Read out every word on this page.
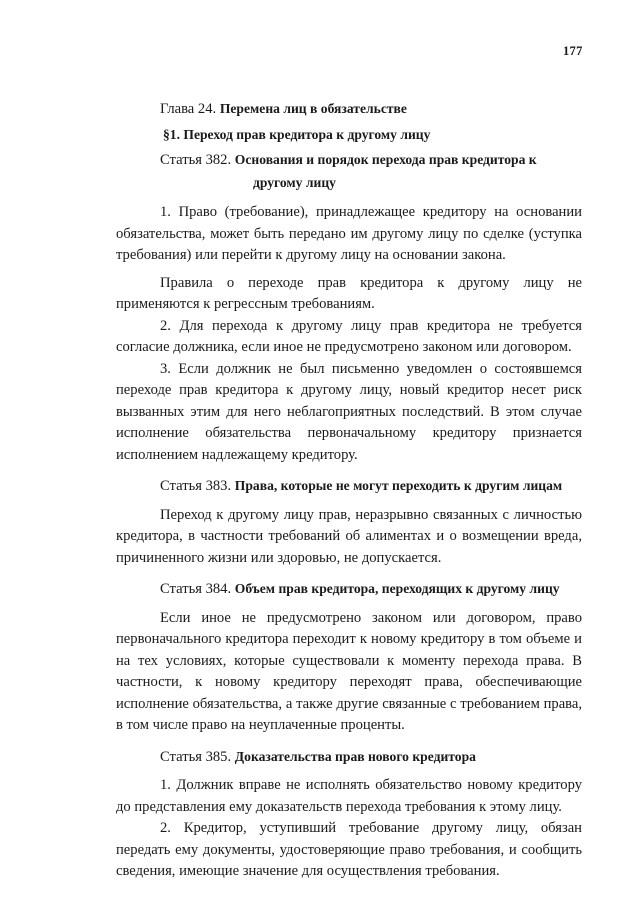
177
Глава 24. Перемена лиц в обязательстве
§1. Переход прав кредитора к другому лицу
Статья 382. Основания и порядок перехода прав кредитора к
другому лицу

1. Право (требование), принадлежащее кредитору на основании обязательства, может быть передано им другому лицу по сделке (уступка требования) или перейти к другому лицу на основании закона.

Правила о переходе прав кредитора к другому лицу не применяются к регрессным требованиям.

2. Для перехода к другому лицу прав кредитора не требуется согласие должника, если иное не предусмотрено законом или договором.

3. Если должник не был письменно уведомлен о состоявшемся переходе прав кредитора к другому лицу, новый кредитор несет риск вызванных этим для него неблагоприятных последствий. В этом случае исполнение обязательства первоначальному кредитору признается исполнением надлежащему кредитору.

Статья 383. Права, которые не могут переходить к другим лицам

Переход к другому лицу прав, неразрывно связанных с личностью кредитора, в частности требований об алиментах и о возмещении вреда, причиненного жизни или здоровью, не допускается.

Статья 384. Объем прав кредитора, переходящих к другому лицу

Если иное не предусмотрено законом или договором, право первоначального кредитора переходит к новому кредитору в том объеме и на тех условиях, которые существовали к моменту перехода права. В частности, к новому кредитору переходят права, обеспечивающие исполнение обязательства, а также другие связанные с требованием права, в том числе право на неуплаченные проценты.

Статья 385. Доказательства прав нового кредитора

1. Должник вправе не исполнять обязательство новому кредитору до представления ему доказательств перехода требования к этому лицу.

2. Кредитор, уступивший требование другому лицу, обязан передать ему документы, удостоверяющие право требования, и сообщить сведения, имеющие значение для осуществления требования.
